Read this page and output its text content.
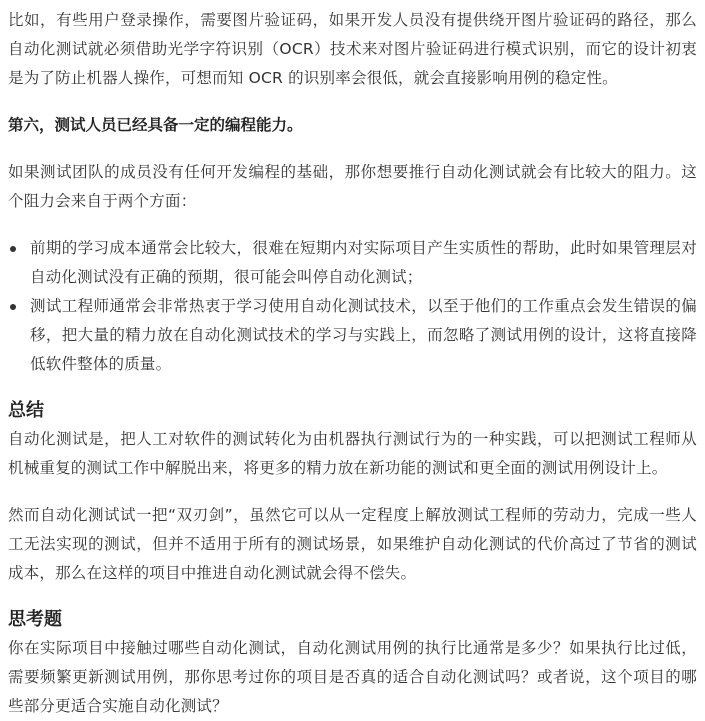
比如，有些用户登录操作，需要图片验证码，如果开发人员没有提供绕开图片验证码的路径，那么自动化测试就必须借助光学字符识别（OCR）技术来对图片验证码进行模式识别，而它的设计初衷是为了防止机器人操作，可想而知 OCR 的识别率会很低，就会直接影响用例的稳定性。

第六，测试人员已经具备一定的编程能力。

如果测试团队的成员没有任何开发编程的基础，那你想要推行自动化测试就会有比较大的阻力。这个阻力会来自于两个方面：

前期的学习成本通常会比较大，很难在短期内对实际项目产生实质性的帮助，此时如果管理层对自动化测试没有正确的预期，很可能会叫停自动化测试；
测试工程师通常会非常热衷于学习使用自动化测试技术，以至于他们的工作重点会发生错误的偏移，把大量的精力放在自动化测试技术的学习与实践上，而忽略了测试用例的设计，这将直接降低软件整体的质量。
总结

自动化测试是，把人工对软件的测试转化为由机器执行测试行为的一种实践，可以把测试工程师从机械重复的测试工作中解脱出来，将更多的精力放在新功能的测试和更全面的测试用例设计上。

然而自动化测试试一把“双刃剑”，虽然它可以从一定程度上解放测试工程师的劳动力，完成一些人工无法实现的测试，但并不适用于所有的测试场景，如果维护自动化测试的代价高过了节省的测试成本，那么在这样的项目中推进自动化测试就会得不偿失。

思考题

你在实际项目中接触过哪些自动化测试，自动化测试用例的执行比通常是多少？如果执行比过低，需要频繁更新测试用例，那你思考过你的项目是否真的适合自动化测试吗？或者说，这个项目的哪些部分更适合实施自动化测试？
